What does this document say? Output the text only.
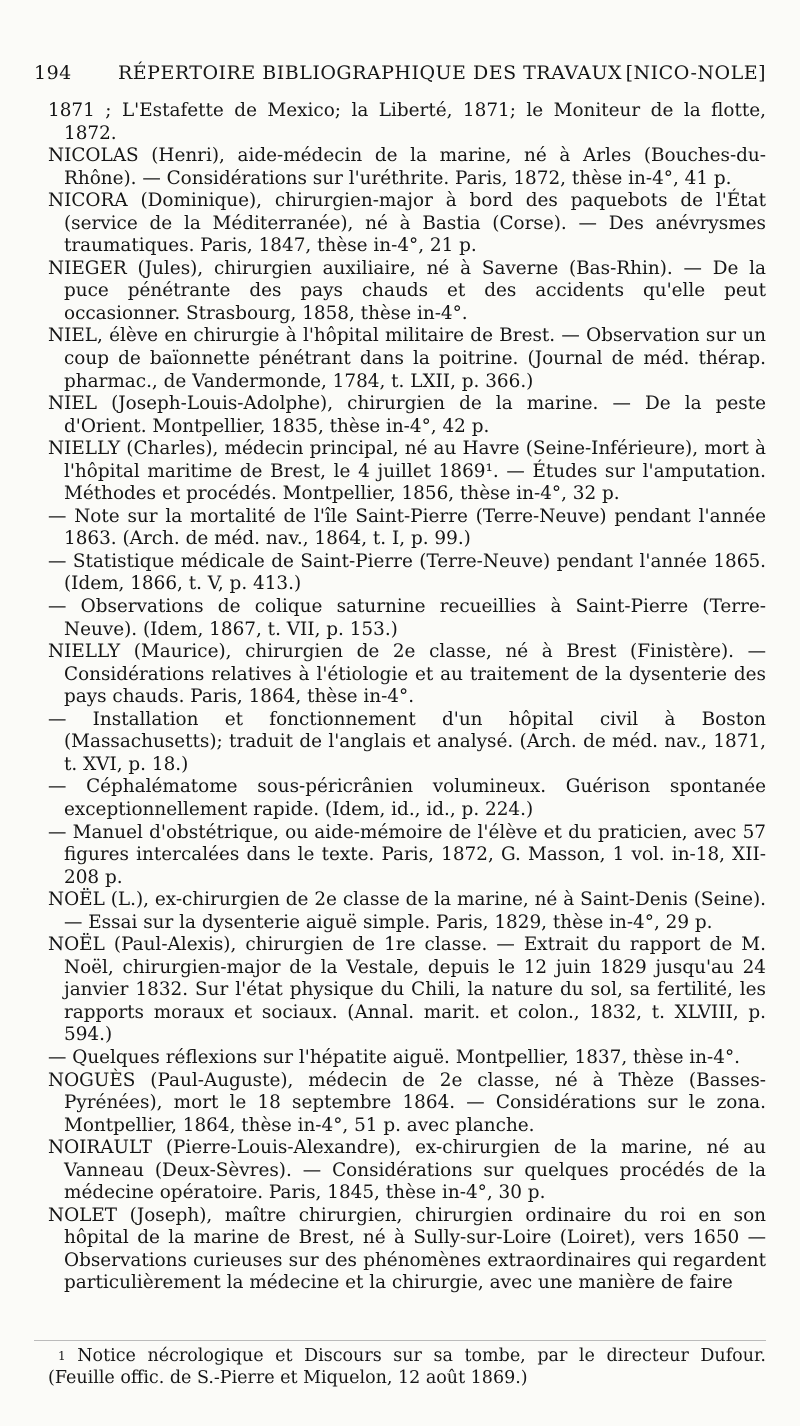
194 RÉPERTOIRE BIBLIOGRAPHIQUE DES TRAVAUX [NICO-NOLE]

1871 ; L'Estafette de Mexico; la Liberté, 1871; le Moniteur de la flotte, 1872.

NICOLAS (Henri), aide-médecin de la marine, né à Arles (Bouches-du-Rhône). — Considérations sur l'uréthrite. Paris, 1872, thèse in-4°, 41 p.

NICORA (Dominique), chirurgien-major à bord des paquebots de l'État (service de la Méditerranée), né à Bastia (Corse). — Des anévrysmes traumatiques. Paris, 1847, thèse in-4°, 21 p.

NIEGER (Jules), chirurgien auxiliaire, né à Saverne (Bas-Rhin). — De la puce pénétrante des pays chauds et des accidents qu'elle peut occasionner. Strasbourg, 1858, thèse in-4°.

NIEL, élève en chirurgie à l'hôpital militaire de Brest. — Observation sur un coup de baïonnette pénétrant dans la poitrine. (Journal de méd. thérap. pharmac., de Vandermonde, 1784, t. LXII, p. 366.)

NIEL (Joseph-Louis-Adolphe), chirurgien de la marine. — De la peste d'Orient. Montpellier, 1835, thèse in-4°, 42 p.

NIELLY (Charles), médecin principal, né au Havre (Seine-Inférieure), mort à l'hôpital maritime de Brest, le 4 juillet 1869¹. — Études sur l'amputation. Méthodes et procédés. Montpellier, 1856, thèse in-4°, 32 p.

— Note sur la mortalité de l'île Saint-Pierre (Terre-Neuve) pendant l'année 1863. (Arch. de méd. nav., 1864, t. I, p. 99.)

— Statistique médicale de Saint-Pierre (Terre-Neuve) pendant l'année 1865. (Idem, 1866, t. V, p. 413.)

— Observations de colique saturnine recueillies à Saint-Pierre (Terre-Neuve). (Idem, 1867, t. VII, p. 153.)

NIELLY (Maurice), chirurgien de 2e classe, né à Brest (Finistère). — Considérations relatives à l'étiologie et au traitement de la dysenterie des pays chauds. Paris, 1864, thèse in-4°.

— Installation et fonctionnement d'un hôpital civil à Boston (Massachusetts); traduit de l'anglais et analysé. (Arch. de méd. nav., 1871, t. XVI, p. 18.)

— Céphalématome sous-péricrânien volumineux. Guérison spontanée exceptionnellement rapide. (Idem, id., id., p. 224.)

— Manuel d'obstétrique, ou aide-mémoire de l'élève et du praticien, avec 57 figures intercalées dans le texte. Paris, 1872, G. Masson, 1 vol. in-18, XII-208 p.

NOËL (L.), ex-chirurgien de 2e classe de la marine, né à Saint-Denis (Seine). — Essai sur la dysenterie aiguë simple. Paris, 1829, thèse in-4°, 29 p.

NOËL (Paul-Alexis), chirurgien de 1re classe. — Extrait du rapport de M. Noël, chirurgien-major de la Vestale, depuis le 12 juin 1829 jusqu'au 24 janvier 1832. Sur l'état physique du Chili, la nature du sol, sa fertilité, les rapports moraux et sociaux. (Annal. marit. et colon., 1832, t. XLVIII, p. 594.)

— Quelques réflexions sur l'hépatite aiguë. Montpellier, 1837, thèse in-4°.

NOGUÈS (Paul-Auguste), médecin de 2e classe, né à Thèze (Basses-Pyrénées), mort le 18 septembre 1864. — Considérations sur le zona. Montpellier, 1864, thèse in-4°, 51 p. avec planche.

NOIRAULT (Pierre-Louis-Alexandre), ex-chirurgien de la marine, né au Vanneau (Deux-Sèvres). — Considérations sur quelques procédés de la médecine opératoire. Paris, 1845, thèse in-4°, 30 p.

NOLET (Joseph), maître chirurgien, chirurgien ordinaire du roi en son hôpital de la marine de Brest, né à Sully-sur-Loire (Loiret), vers 1650 — Observations curieuses sur des phénomènes extraordinaires qui regardent particulièrement la médecine et la chirurgie, avec une manière de faire

$^1$ Notice nécrologique et Discours sur sa tombe, par le directeur Dufour. (Feuille offic. de S.-Pierre et Miquelon, 12 août 1869.)
